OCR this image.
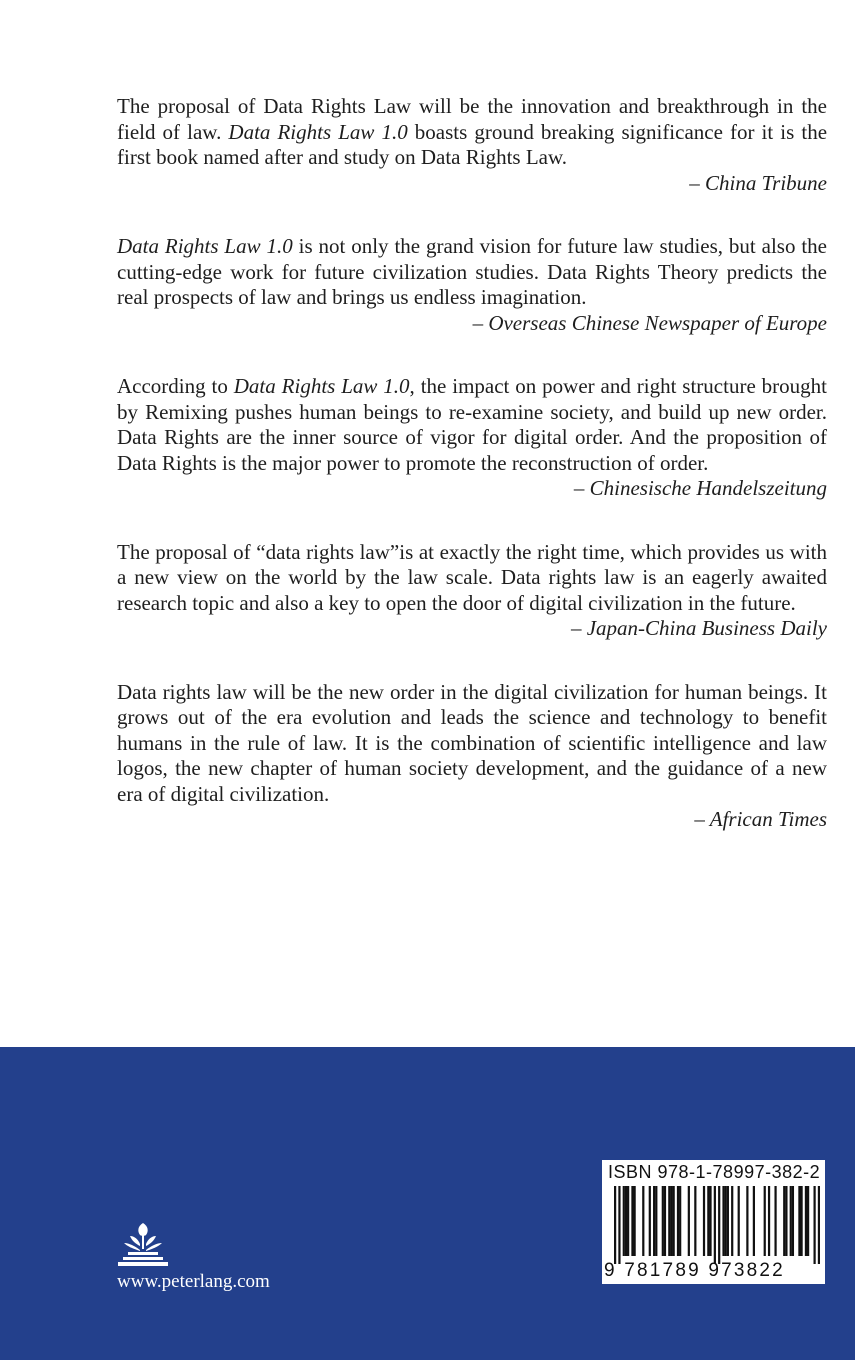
The proposal of Data Rights Law will be the innovation and breakthrough in the field of law. Data Rights Law 1.0 boasts ground breaking significance for it is the first book named after and study on Data Rights Law.

– China Tribune

Data Rights Law 1.0 is not only the grand vision for future law studies, but also the cutting-edge work for future civilization studies. Data Rights Theory predicts the real prospects of law and brings us endless imagination.

– Overseas Chinese Newspaper of Europe

According to Data Rights Law 1.0, the impact on power and right structure brought by Remixing pushes human beings to re-examine society, and build up new order. Data Rights are the inner source of vigor for digital order. And the proposition of Data Rights is the major power to promote the reconstruction of order.

– Chinesische Handelszeitung

The proposal of “data rights law”is at exactly the right time, which provides us with a new view on the world by the law scale. Data rights law is an eagerly awaited research topic and also a key to open the door of digital civilization in the future.

– Japan-China Business Daily

Data rights law will be the new order in the digital civilization for human beings. It grows out of the era evolution and leads the science and technology to benefit humans in the rule of law. It is the combination of scientific intelligence and law logos, the new chapter of human society development, and the guidance of a new era of digital civilization.

– African Times
www.peterlang.com
ISBN 978-1-78997-382-2
9 781789 973822
